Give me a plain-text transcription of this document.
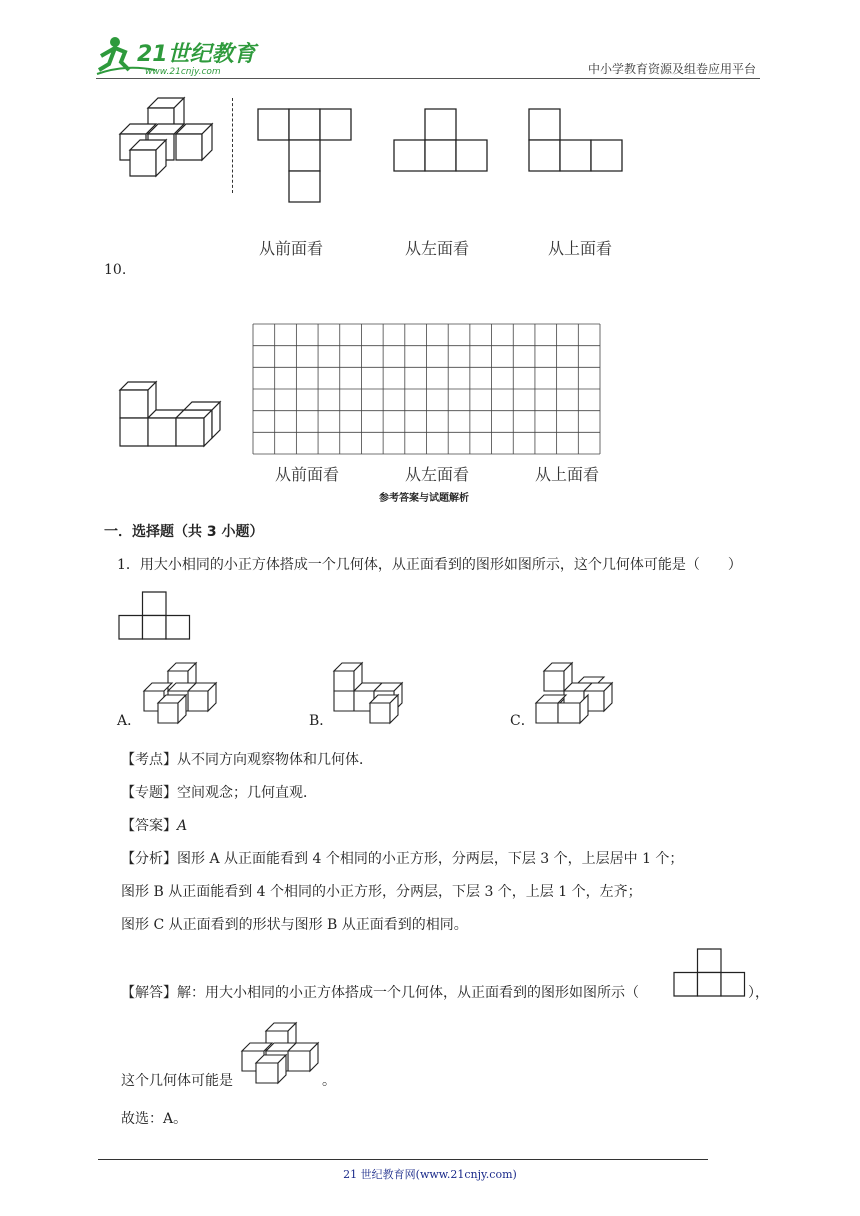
21世纪教育
www.21cnjy.com	中小学教育资源及组卷应用平台
从前面看	从左面看	从上面看
10.
从前面看	从左面看	从上面看
参考答案与试题解析
一．选择题（共 3 小题）
1．用大小相同的小正方体搭成一个几何体，从正面看到的图形如图所示，这个几何体可能是（　　）
A．	B．	C．
【考点】从不同方向观察物体和几何体．
【专题】空间观念；几何直观．
【答案】A
【分析】图形 A 从正面能看到 4 个相同的小正方形，分两层，下层 3 个，上层居中 1 个；
图形 B 从正面能看到 4 个相同的小正方形，分两层，下层 3 个，上层 1 个，左齐；
图形 C 从正面看到的形状与图形 B 从正面看到的相同。
【解答】解：用大小相同的小正方体搭成一个几何体，从正面看到的图形如图所示（	），
这个几何体可能是	。
故选：A。
21 世纪教育网(www.21cnjy.com)
